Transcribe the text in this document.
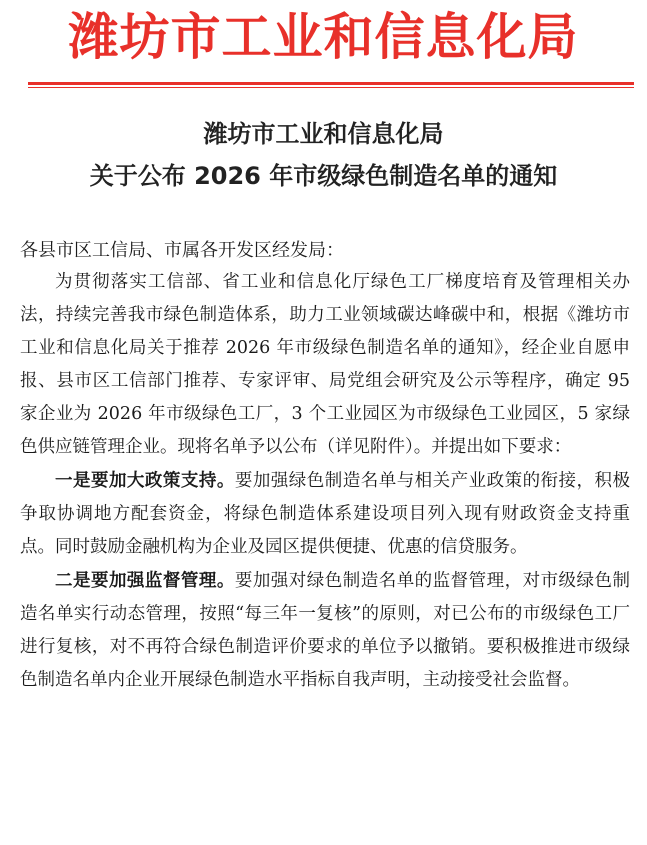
潍坊市工业和信息化局
潍坊市工业和信息化局
关于公布 2026 年市级绿色制造名单的通知
各县市区工信局、市属各开发区经发局：

为贯彻落实工信部、省工业和信息化厅绿色工厂梯度培育及管理相关办法，持续完善我市绿色制造体系，助力工业领域碳达峰碳中和，根据《潍坊市工业和信息化局关于推荐 2026 年市级绿色制造名单的通知》，经企业自愿申报、县市区工信部门推荐、专家评审、局党组会研究及公示等程序，确定 95 家企业为 2026 年市级绿色工厂，3 个工业园区为市级绿色工业园区，5 家绿色供应链管理企业。现将名单予以公布（详见附件）。并提出如下要求：

一是要加大政策支持。要加强绿色制造名单与相关产业政策的衔接，积极争取协调地方配套资金，将绿色制造体系建设项目列入现有财政资金支持重点。同时鼓励金融机构为企业及园区提供便捷、优惠的信贷服务。

二是要加强监督管理。要加强对绿色制造名单的监督管理，对市级绿色制造名单实行动态管理，按照“每三年一复核”的原则，对已公布的市级绿色工厂进行复核，对不再符合绿色制造评价要求的单位予以撤销。要积极推进市级绿色制造名单内企业开展绿色制造水平指标自我声明，主动接受社会监督。
